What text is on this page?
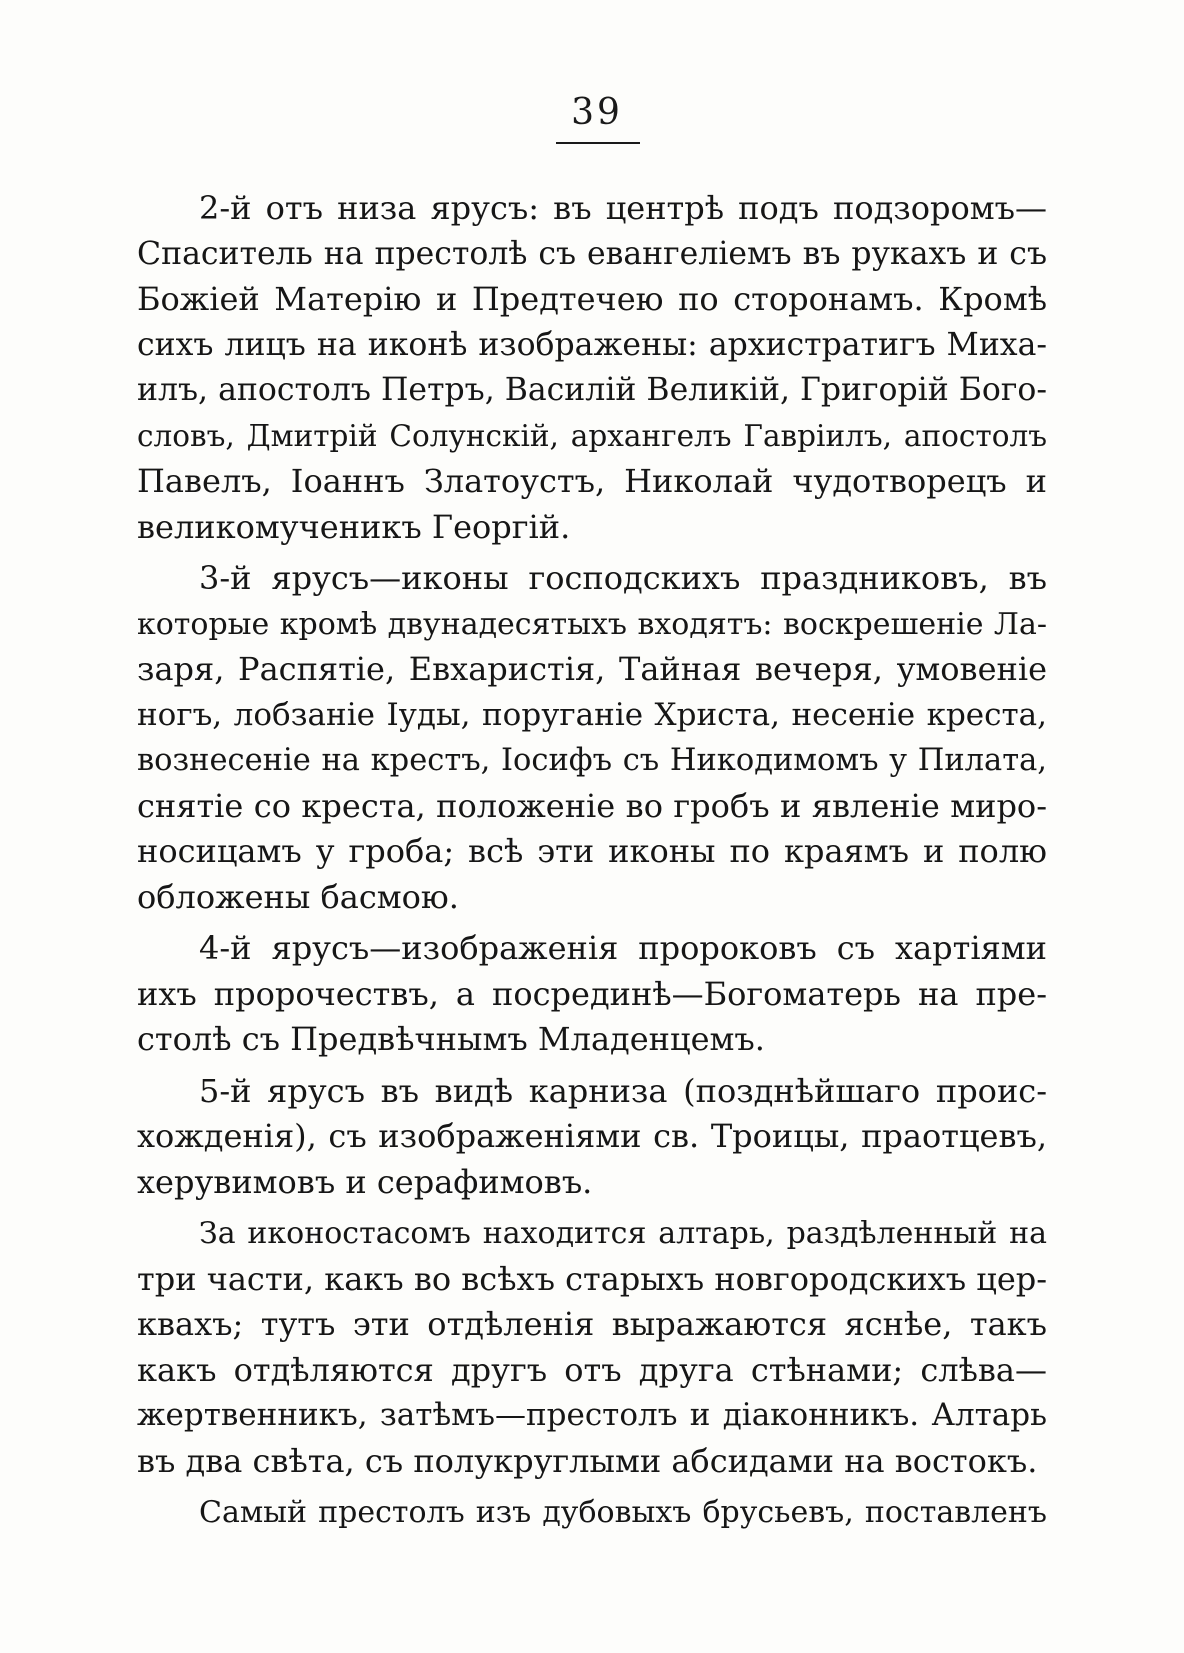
39
2-й отъ низа ярусъ: въ центрѣ подъ подзоромъ—
Спаситель на престолѣ съ евангеліемъ въ рукахъ и съ
Божіей Матерію и Предтечею по сторонамъ. Кромѣ
сихъ лицъ на иконѣ изображены: архистратигъ Миха-
илъ, апостолъ Петръ, Василій Великій, Григорій Бого-
словъ, Дмитрій Солунскій, архангелъ Гавріилъ, апостолъ
Павелъ, Іоаннъ Златоустъ, Николай чудотворецъ и
великомученикъ Георгій.
3-й ярусъ—иконы господскихъ праздниковъ, въ
которые кромѣ двунадесятыхъ входятъ: воскрешеніе Ла-
заря, Распятіе, Евхаристія, Тайная вечеря, умовеніе
ногъ, лобзаніе Іуды, поруганіе Христа, несеніе креста,
вознесеніе на крестъ, Іосифъ съ Никодимомъ у Пилата,
снятіе со креста, положеніе во гробъ и явленіе миро-
носицамъ у гроба; всѣ эти иконы по краямъ и полю
обложены басмою.
4-й ярусъ—изображенія пророковъ съ хартіями
ихъ пророчествъ, а посрединѣ—Богоматерь на пре-
столѣ съ Предвѣчнымъ Младенцемъ.
5-й ярусъ въ видѣ карниза (позднѣйшаго проис-
хожденія), съ изображеніями св. Троицы, праотцевъ,
херувимовъ и серафимовъ.
За иконостасомъ находится алтарь, раздѣленный на
три части, какъ во всѣхъ старыхъ новгородскихъ цер-
квахъ; тутъ эти отдѣленія выражаются яснѣе, такъ
какъ отдѣляются другъ отъ друга стѣнами; слѣва—
жертвенникъ, затѣмъ—престолъ и діаконникъ. Алтарь
въ два свѣта, съ полукруглыми абсидами на востокъ.
Самый престолъ изъ дубовыхъ брусьевъ, поставленъ
